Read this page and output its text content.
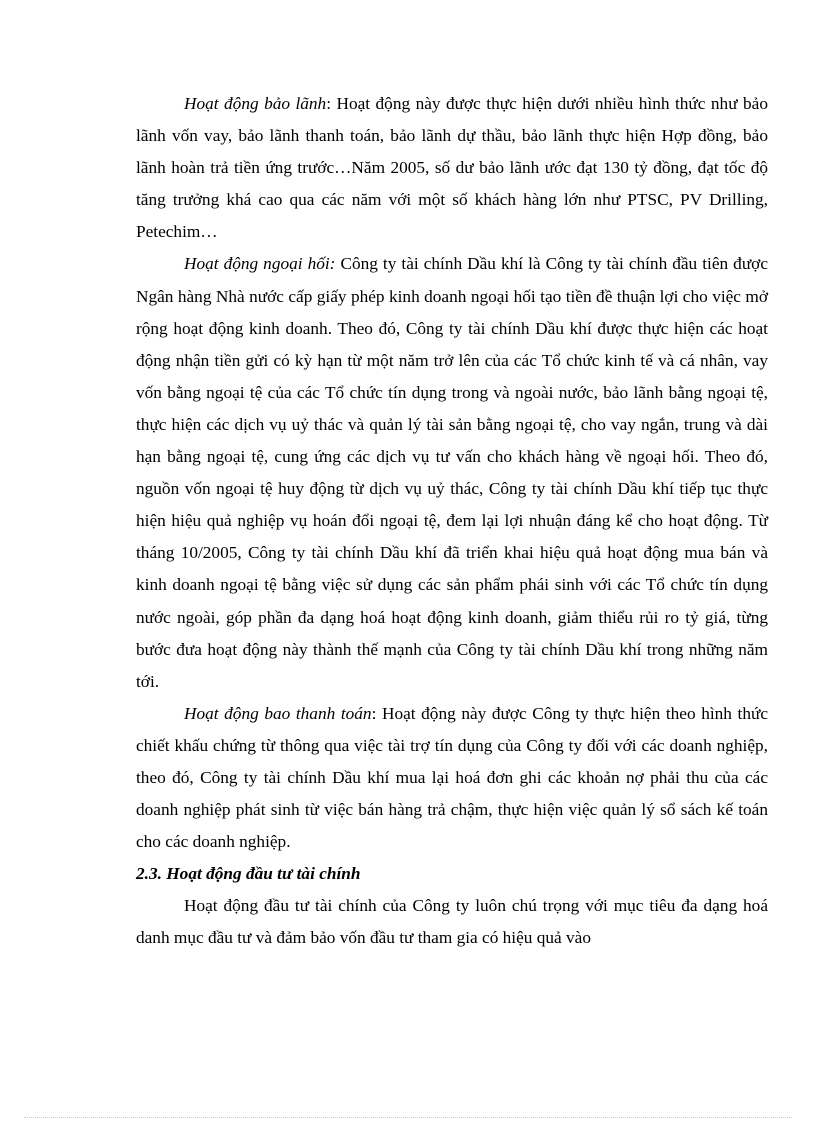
Hoạt động bảo lãnh: Hoạt động này được thực hiện dưới nhiều hình thức như bảo lãnh vốn vay, bảo lãnh thanh toán, bảo lãnh dự thầu, bảo lãnh thực hiện Hợp đồng, bảo lãnh hoàn trả tiền ứng trước…Năm 2005, số dư bảo lãnh ước đạt 130 tỷ đồng, đạt tốc độ tăng trưởng khá cao qua các năm với một số khách hàng lớn như PTSC, PV Drilling, Petechim…

Hoạt động ngoại hối: Công ty tài chính Dầu khí là Công ty tài chính đầu tiên được Ngân hàng Nhà nước cấp giấy phép kinh doanh ngoại hối tạo tiền đề thuận lợi cho việc mở rộng hoạt động kinh doanh. Theo đó, Công ty tài chính Dầu khí được thực hiện các hoạt động nhận tiền gửi có kỳ hạn từ một năm trở lên của các Tổ chức kinh tế và cá nhân, vay vốn bằng ngoại tệ của các Tổ chức tín dụng trong và ngoài nước, bảo lãnh bằng ngoại tệ, thực hiện các dịch vụ uỷ thác và quản lý tài sản bằng ngoại tệ, cho vay ngắn, trung và dài hạn bằng ngoại tệ, cung ứng các dịch vụ tư vấn cho khách hàng về ngoại hối. Theo đó, nguồn vốn ngoại tệ huy động từ dịch vụ uỷ thác, Công ty tài chính Dầu khí tiếp tục thực hiện hiệu quả nghiệp vụ hoán đổi ngoại tệ, đem lại lợi nhuận đáng kể cho hoạt động. Từ tháng 10/2005, Công ty tài chính Dầu khí đã triển khai hiệu quả hoạt động mua bán và kinh doanh ngoại tệ bằng việc sử dụng các sản phẩm phái sinh với các Tổ chức tín dụng nước ngoài, góp phần đa dạng hoá hoạt động kinh doanh, giảm thiểu rủi ro tỷ giá, từng bước đưa hoạt động này thành thế mạnh của Công ty tài chính Dầu khí trong những năm tới.

Hoạt động bao thanh toán: Hoạt động này được Công ty thực hiện theo hình thức chiết khấu chứng từ thông qua việc tài trợ tín dụng của Công ty đối với các doanh nghiệp, theo đó, Công ty tài chính Dầu khí mua lại hoá đơn ghi các khoản nợ phải thu của các doanh nghiệp phát sinh từ việc bán hàng trả chậm, thực hiện việc quản lý sổ sách kế toán cho các doanh nghiệp.

2.3. Hoạt động đầu tư tài chính

Hoạt động đầu tư tài chính của Công ty luôn chú trọng với mục tiêu đa dạng hoá danh mục đầu tư và đảm bảo vốn đầu tư tham gia có hiệu quả vào
